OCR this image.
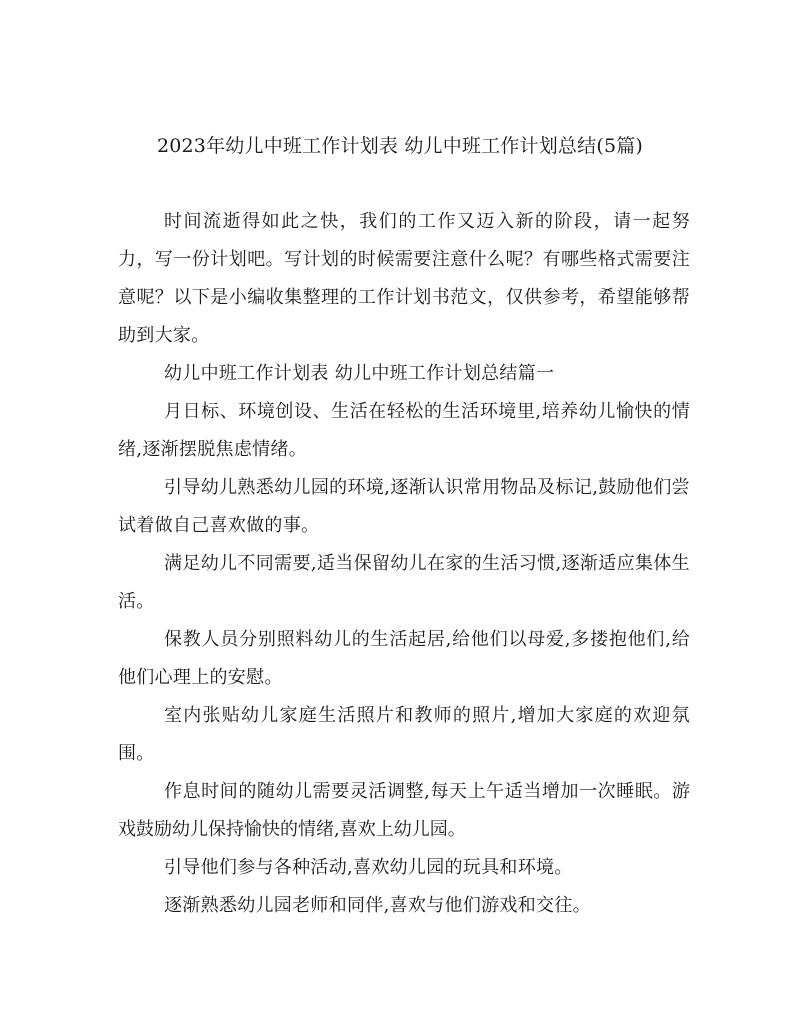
2023年幼儿中班工作计划表 幼儿中班工作计划总结(5篇)

时间流逝得如此之快，我们的工作又迈入新的阶段，请一起努力，写一份计划吧。写计划的时候需要注意什么呢？有哪些格式需要注意呢？以下是小编收集整理的工作计划书范文，仅供参考，希望能够帮助到大家。

幼儿中班工作计划表 幼儿中班工作计划总结篇一

月日标、环境创设、生活在轻松的生活环境里,培养幼儿愉快的情绪,逐渐摆脱焦虑情绪。

引导幼儿熟悉幼儿园的环境,逐渐认识常用物品及标记,鼓励他们尝试着做自己喜欢做的事。

满足幼儿不同需要,适当保留幼儿在家的生活习惯,逐渐适应集体生活。

保教人员分别照料幼儿的生活起居,给他们以母爱,多搂抱他们,给他们心理上的安慰。

室内张贴幼儿家庭生活照片和教师的照片,增加大家庭的欢迎氛围。

作息时间的随幼儿需要灵活调整,每天上午适当增加一次睡眠。游戏鼓励幼儿保持愉快的情绪,喜欢上幼儿园。

引导他们参与各种活动,喜欢幼儿园的玩具和环境。

逐渐熟悉幼儿园老师和同伴,喜欢与他们游戏和交往。
